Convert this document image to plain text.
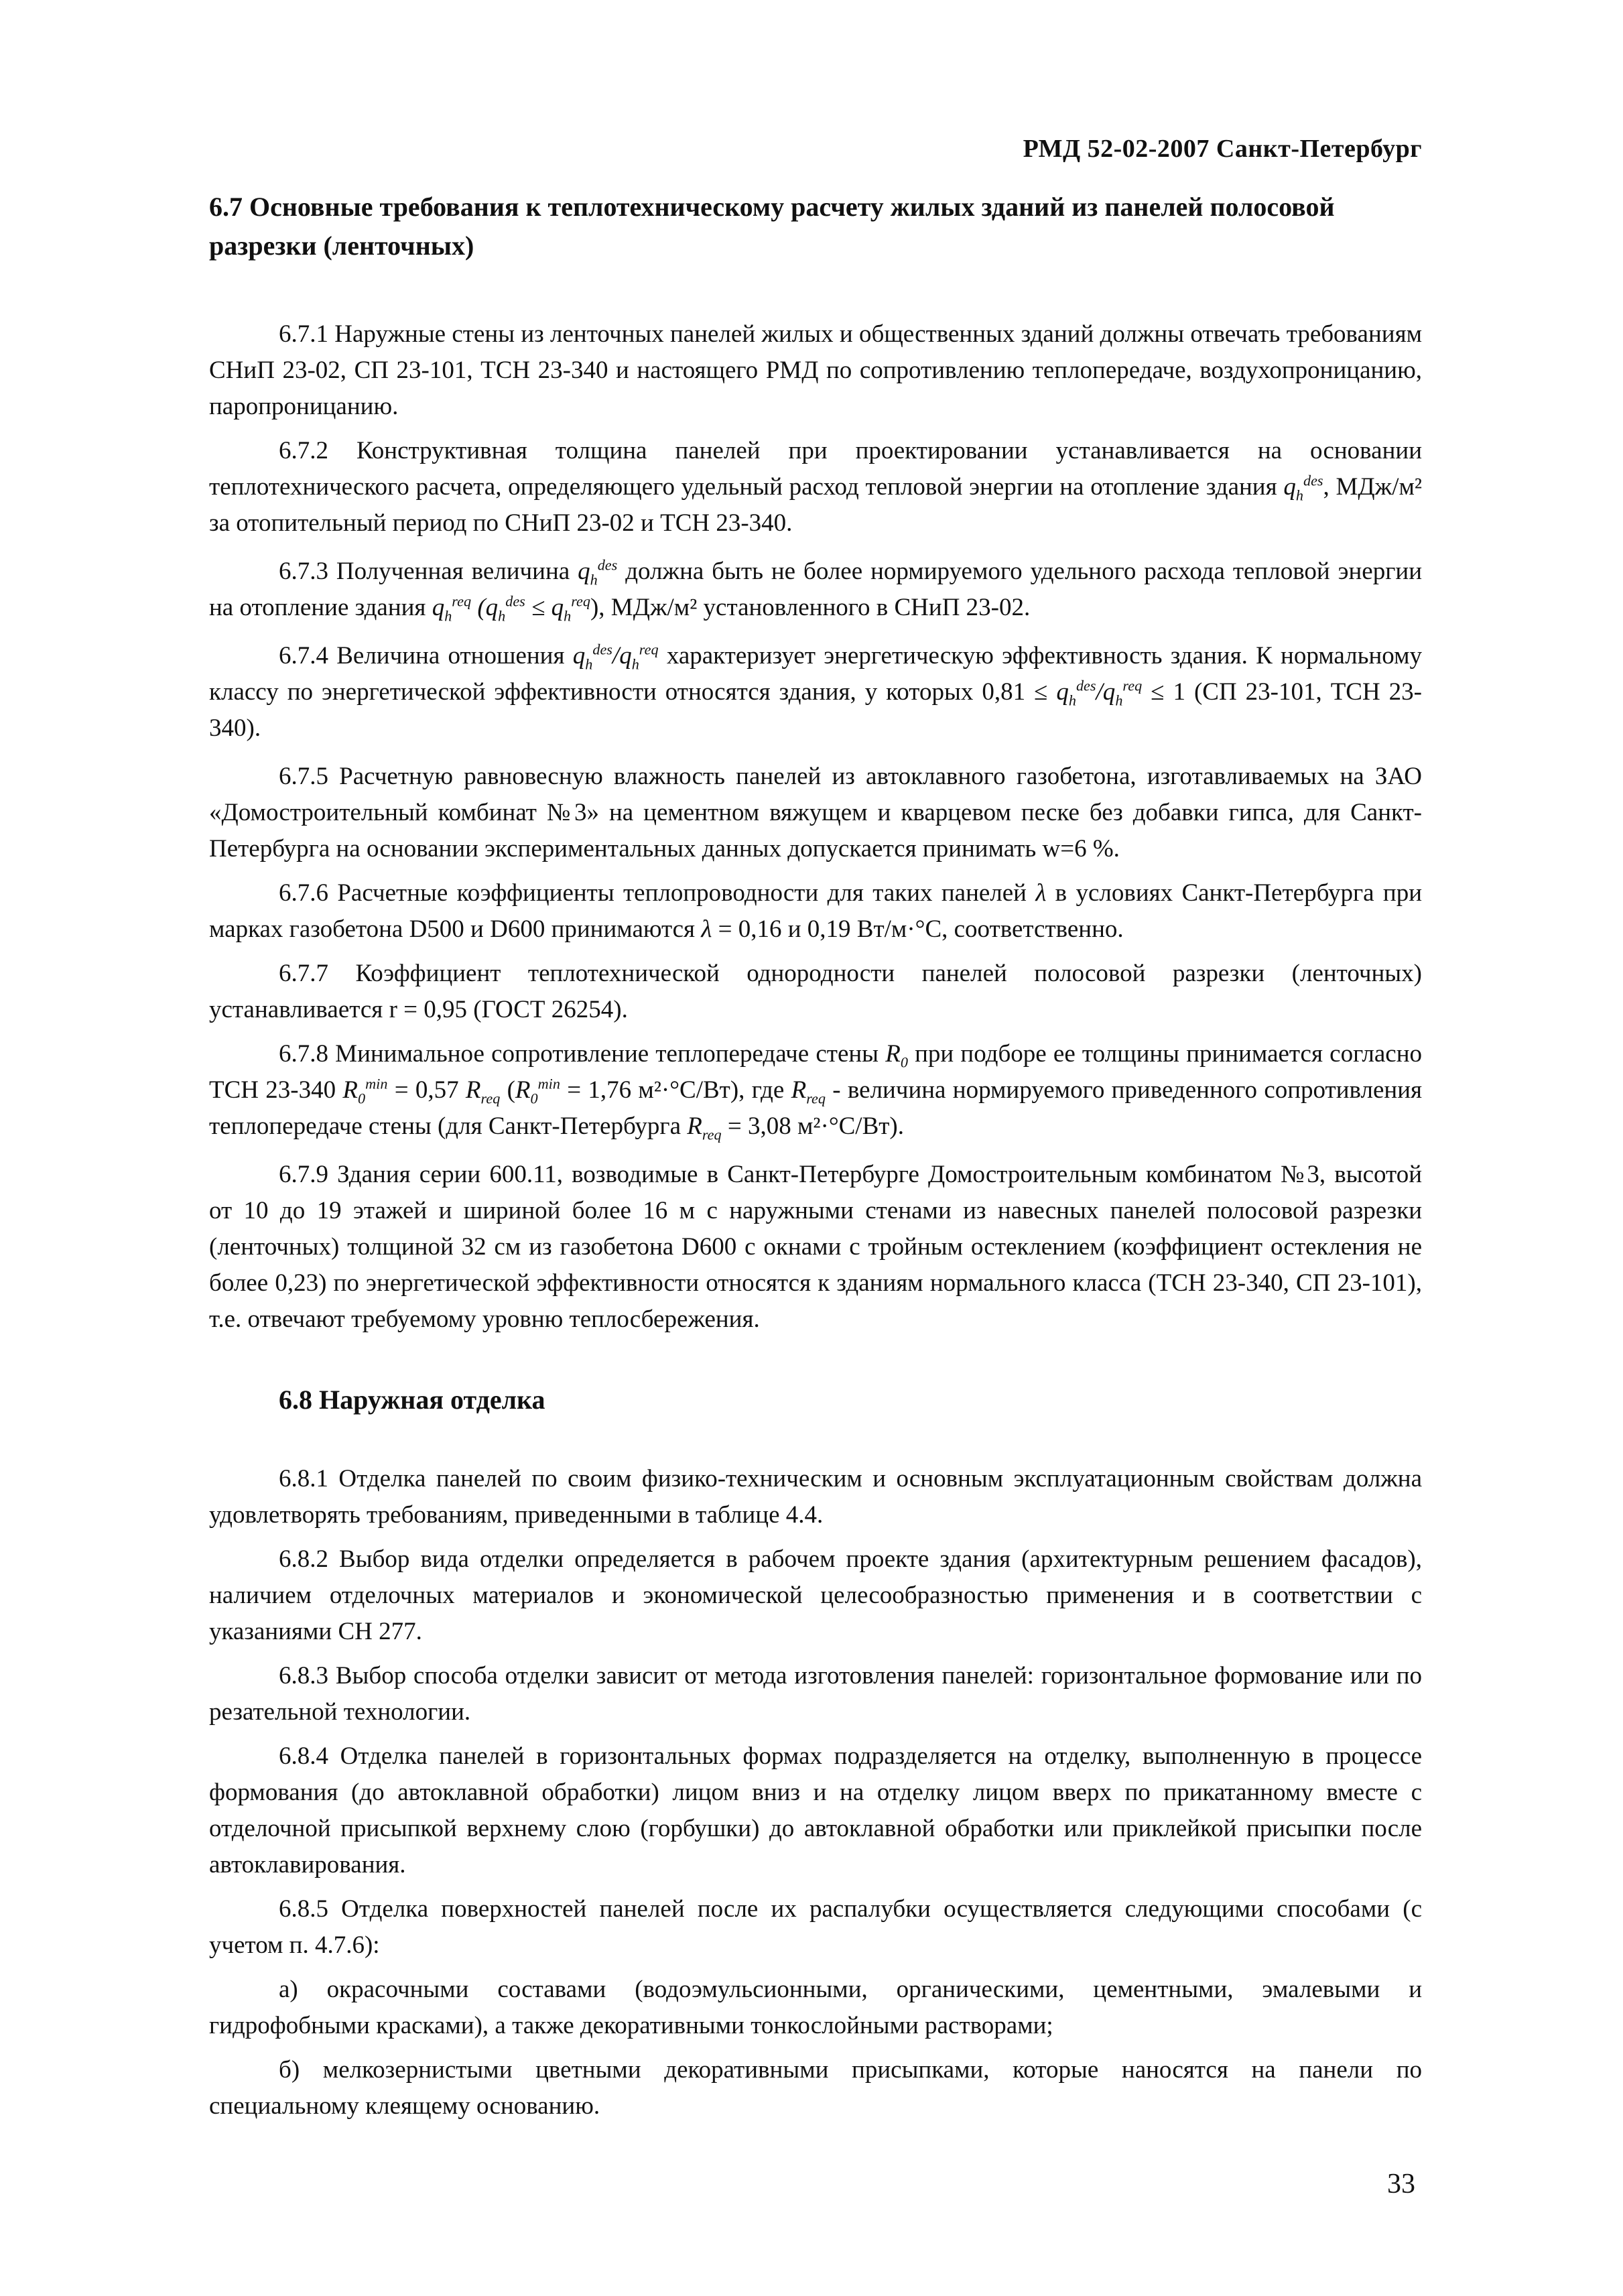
РМД 52-02-2007 Санкт-Петербург
6.7 Основные требования к теплотехническому расчету жилых зданий из панелей полосовой разрезки (ленточных)

6.7.1 Наружные стены из ленточных панелей жилых и общественных зданий должны отвечать требованиям СНиП 23-02, СП 23-101, ТСН 23-340 и настоящего РМД по сопротивлению теплопередаче, воздухопроницанию, паропроницанию.

6.7.2 Конструктивная толщина панелей при проектировании устанавливается на основании теплотехнического расчета, определяющего удельный расход тепловой энергии на отопление здания $q_h^{des}$, МДж/м² за отопительный период по СНиП 23-02 и ТСН 23-340.

6.7.3 Полученная величина $q_h^{des}$ должна быть не более нормируемого удельного расхода тепловой энергии на отопление здания $q_h^{req}$ $(q_h^{des} \le q_h^{req})$, МДж/м² установленного в СНиП 23-02.

6.7.4 Величина отношения $q_h^{des}/q_h^{req}$ характеризует энергетическую эффективность здания. К нормальному классу по энергетической эффективности относятся здания, у которых $0,81 \le q_h^{des}/q_h^{req} \le 1$ (СП 23-101, ТСН 23-340).

6.7.5 Расчетную равновесную влажность панелей из автоклавного газобетона, изготавливаемых на ЗАО «Домостроительный комбинат №3» на цементном вяжущем и кварцевом песке без добавки гипса, для Санкт-Петербурга на основании экспериментальных данных допускается принимать w=6 %.

6.7.6 Расчетные коэффициенты теплопроводности для таких панелей λ в условиях Санкт-Петербурга при марках газобетона D500 и D600 принимаются λ = 0,16 и 0,19 Вт/м·°С, соответственно.

6.7.7 Коэффициент теплотехнической однородности панелей полосовой разрезки (ленточных) устанавливается r = 0,95 (ГОСТ 26254).

6.7.8 Минимальное сопротивление теплопередаче стены $R_0$ при подборе ее толщины принимается согласно ТСН 23-340 $R_0^{min} = 0,57$ $R_{req}$ ($R_0^{min} = 1,76$ м²·°С/Вт), где $R_{req}$ - величина нормируемого приведенного сопротивления теплопередаче стены (для Санкт-Петербурга $R_{req} = 3,08$ м²·°С/Вт).

6.7.9 Здания серии 600.11, возводимые в Санкт-Петербурге Домостроительным комбинатом №3, высотой от 10 до 19 этажей и шириной более 16 м с наружными стенами из навесных панелей полосовой разрезки (ленточных) толщиной 32 см из газобетона D600 с окнами с тройным остеклением (коэффициент остекления не более 0,23) по энергетической эффективности относятся к зданиям нормального класса (ТСН 23-340, СП 23-101), т.е. отвечают требуемому уровню теплосбережения.

6.8 Наружная отделка

6.8.1 Отделка панелей по своим физико-техническим и основным эксплуатационным свойствам должна удовлетворять требованиям, приведенными в таблице 4.4.

6.8.2 Выбор вида отделки определяется в рабочем проекте здания (архитектурным решением фасадов), наличием отделочных материалов и экономической целесообразностью применения и в соответствии с указаниями СН 277.

6.8.3 Выбор способа отделки зависит от метода изготовления панелей: горизонтальное формование или по резательной технологии.

6.8.4 Отделка панелей в горизонтальных формах подразделяется на отделку, выполненную в процессе формования (до автоклавной обработки) лицом вниз и на отделку лицом вверх по прикатанному вместе с отделочной присыпкой верхнему слою (горбушки) до автоклавной обработки или приклейкой присыпки после автоклавирования.

6.8.5 Отделка поверхностей панелей после их распалубки осуществляется следующими способами (с учетом п. 4.7.6):

а) окрасочными составами (водоэмульсионными, органическими, цементными, эмалевыми и гидрофобными красками), а также декоративными тонкослойными растворами;

б) мелкозернистыми цветными декоративными присыпками, которые наносятся на панели по специальному клеящему основанию.

33
